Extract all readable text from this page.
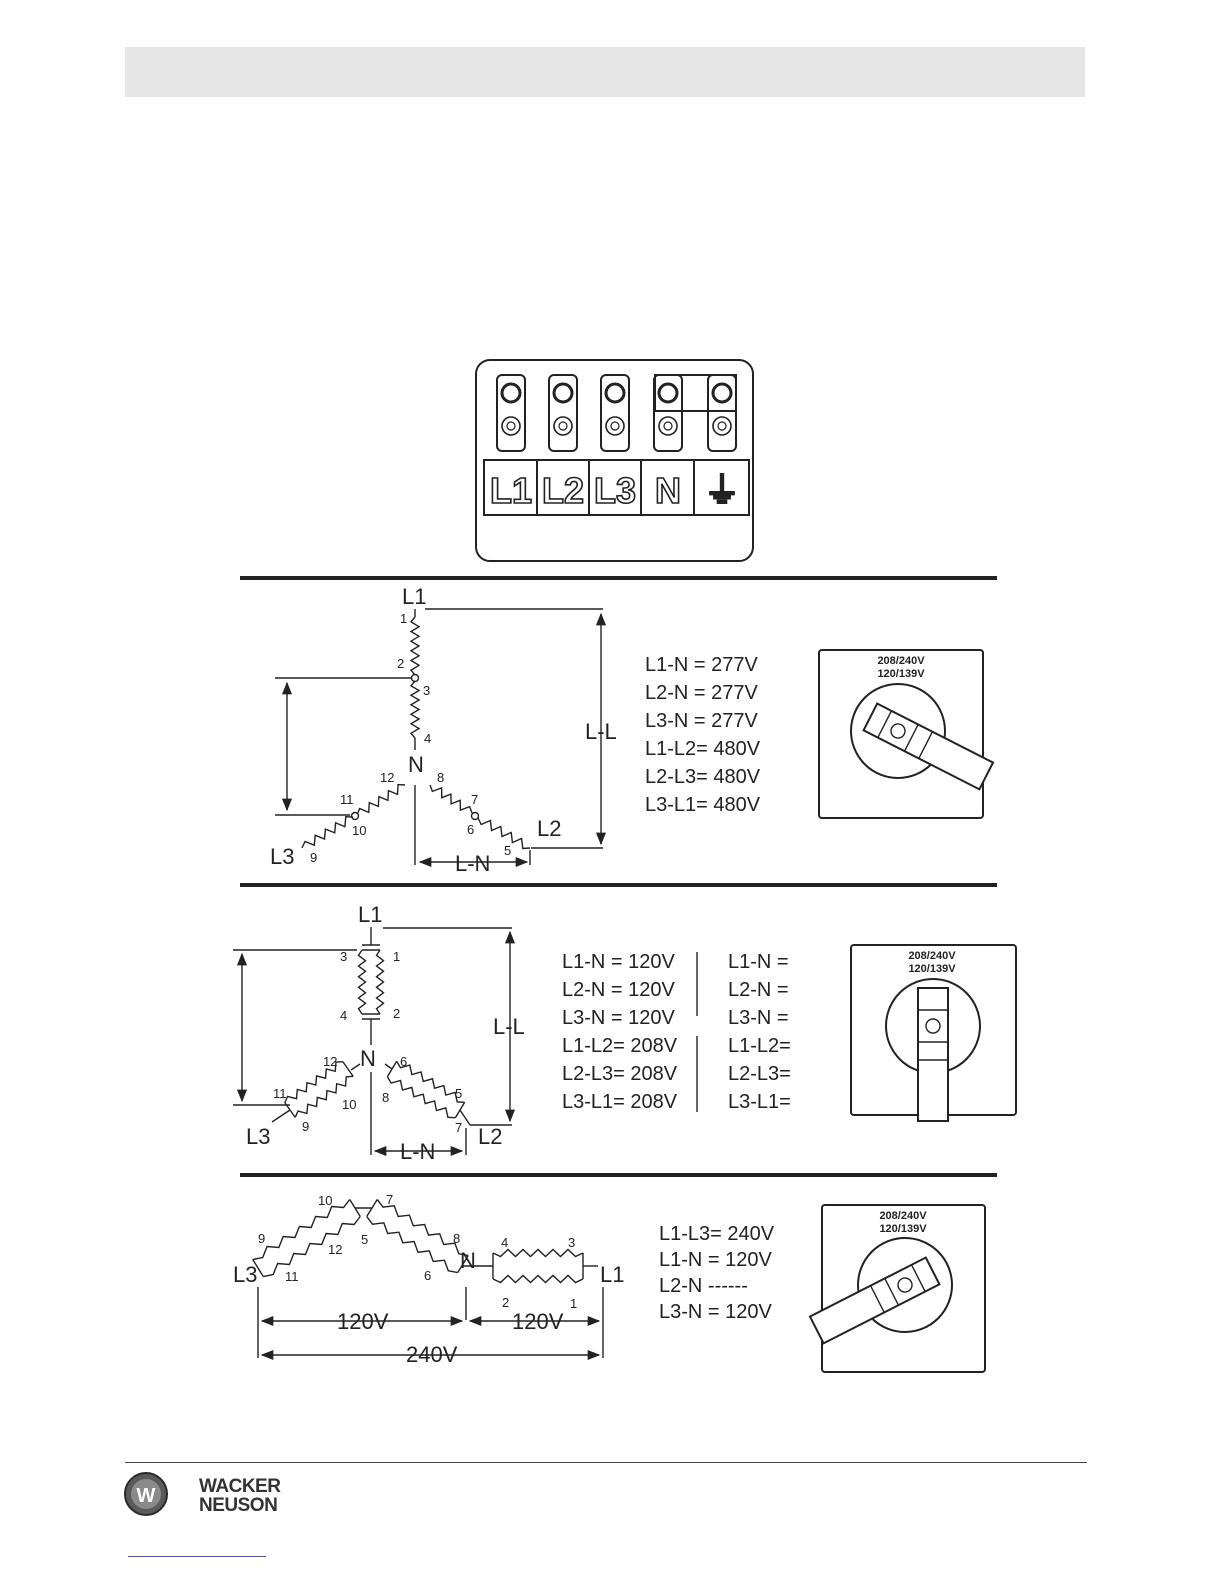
L1 L2 L3 N ⏚
L1
N
L2
L3
L-L
L-N
1
2
3
4
5
6
7
8
9
10
11
12
L1-N = 277V
L2-N = 277V
L3-N = 277V
L1-L2= 480V
L2-L3= 480V
L3-L1= 480V
208/240V
120/139V
L1
N
L2
L3
L-L
L-N
1
2
3
4
5
6
7
8
9
10
11
12
L1-N = 120V
L2-N = 120V
L3-N = 120V
L1-L2= 208V
L2-L3= 208V
L3-L1= 208V
L1-N =
L2-N =
L3-N =
L1-L2=
L2-L3=
L3-L1=
208/240V
120/139V
L3
N
L1
1
2
3
4
5
6
7
8
9
10
11
12
120V	120V
240V
L1-L3= 240V
L1-N = 120V
L2-N ------
L3-N = 120V
208/240V
120/139V
W WACKER
NEUSON
